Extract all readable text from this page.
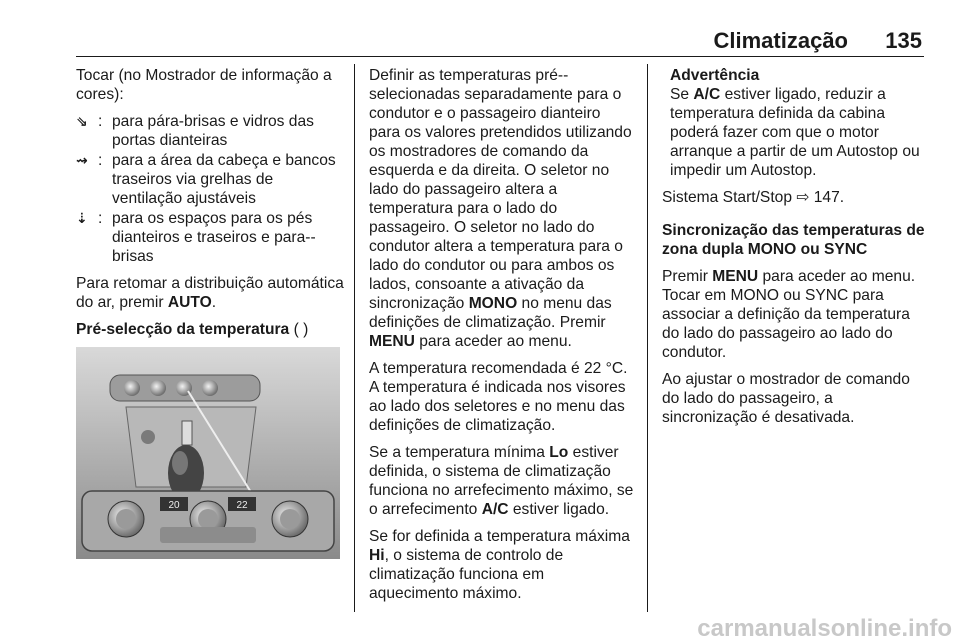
Climatização 135

Tocar (no Mostrador de informação a cores):

⇘ : para pára-brisas e vidros das portas dianteiras
⇝ : para a área da cabeça e bancos traseiros via grelhas de ventilação ajustáveis
⇣ : para os espaços para os pés dianteiros e traseiros e para--brisas

Para retomar a distribuição automática do ar, premir AUTO.

Pré-selecção da temperatura ( )

20	22

Definir as temperaturas pré--selecionadas separadamente para o condutor e o passageiro dianteiro para os valores pretendidos utilizando os mostradores de comando da esquerda e da direita. O seletor no lado do passageiro altera a temperatura para o lado do passageiro. O seletor no lado do condutor altera a temperatura para o lado do condutor ou para ambos os lados, consoante a ativação da sincronização MONO no menu das definições de climatização. Premir MENU para aceder ao menu.

A temperatura recomendada é 22 °C. A temperatura é indicada nos visores ao lado dos seletores e no menu das definições de climatização.

Se a temperatura mínima Lo estiver definida, o sistema de climatização funciona no arrefecimento máximo, se o arrefecimento A/C estiver ligado.

Se for definida a temperatura máxima Hi, o sistema de controlo de climatização funciona em aquecimento máximo.

Advertência
Se A/C estiver ligado, reduzir a temperatura definida da cabina poderá fazer com que o motor arranque a partir de um Autostop ou impedir um Autostop.

Sistema Start/Stop ⇨ 147.

Sincronização das temperaturas de zona dupla MONO ou SYNC

Premir MENU para aceder ao menu. Tocar em MONO ou SYNC para associar a definição da temperatura do lado do passageiro ao lado do condutor.

Ao ajustar o mostrador de comando do lado do passageiro, a sincronização é desativada.

carmanualsonline.info
